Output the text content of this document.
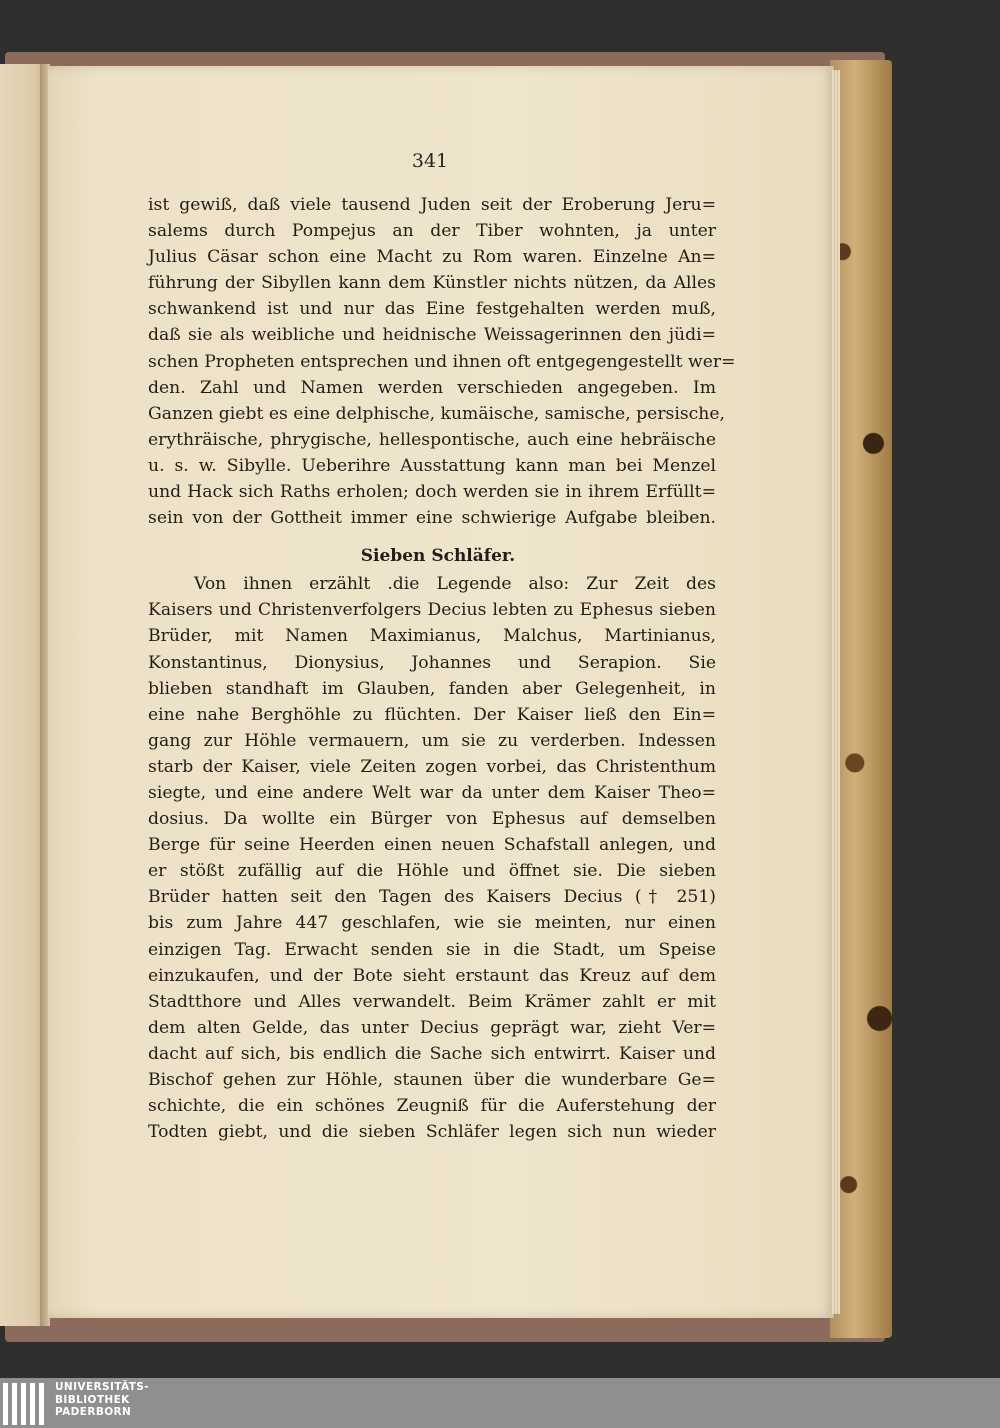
341
ist gewiß, daß viele tausend Juden seit der Eroberung Jeru=
salems durch Pompejus an der Tiber wohnten, ja unter
Julius Cäsar schon eine Macht zu Rom waren. Einzelne An=
führung der Sibyllen kann dem Künstler nichts nützen, da Alles
schwankend ist und nur das Eine festgehalten werden muß,
daß sie als weibliche und heidnische Weissagerinnen den jüdi=
schen Propheten entsprechen und ihnen oft entgegengestellt wer=
den. Zahl und Namen werden verschieden angegeben. Im
Ganzen giebt es eine delphische, kumäische, samische, persische,
erythräische, phrygische, hellespontische, auch eine hebräische
u. s. w. Sibylle. Ueberihre Ausstattung kann man bei Menzel
und Hack sich Raths erholen; doch werden sie in ihrem Erfüllt=
sein von der Gottheit immer eine schwierige Aufgabe bleiben.
Sieben Schläfer.
Von ihnen erzählt .die Legende also: Zur Zeit des
Kaisers und Christenverfolgers Decius lebten zu Ephesus sieben
Brüder, mit Namen Maximianus, Malchus, Martinianus,
Konstantinus, Dionysius, Johannes und Serapion. Sie
blieben standhaft im Glauben, fanden aber Gelegenheit, in
eine nahe Berghöhle zu flüchten. Der Kaiser ließ den Ein=
gang zur Höhle vermauern, um sie zu verderben. Indessen
starb der Kaiser, viele Zeiten zogen vorbei, das Christenthum
siegte, und eine andere Welt war da unter dem Kaiser Theo=
dosius. Da wollte ein Bürger von Ephesus auf demselben
Berge für seine Heerden einen neuen Schafstall anlegen, und
er stößt zufällig auf die Höhle und öffnet sie. Die sieben
Brüder hatten seit den Tagen des Kaisers Decius († 251)
bis zum Jahre 447 geschlafen, wie sie meinten, nur einen
einzigen Tag. Erwacht senden sie in die Stadt, um Speise
einzukaufen, und der Bote sieht erstaunt das Kreuz auf dem
Stadtthore und Alles verwandelt. Beim Krämer zahlt er mit
dem alten Gelde, das unter Decius geprägt war, zieht Ver=
dacht auf sich, bis endlich die Sache sich entwirrt. Kaiser und
Bischof gehen zur Höhle, staunen über die wunderbare Ge=
schichte, die ein schönes Zeugniß für die Auferstehung der
Todten giebt, und die sieben Schläfer legen sich nun wieder
UNIVERSITÄTS-
BIBLIOTHEK
PADERBORN
